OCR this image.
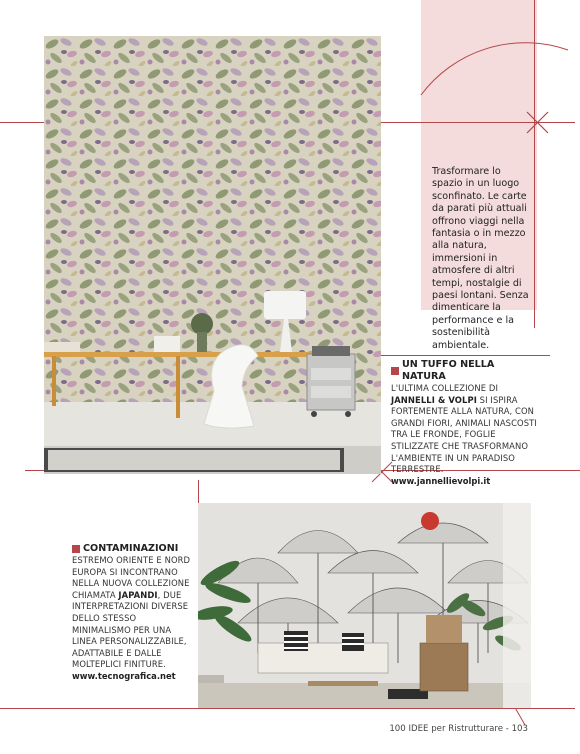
Trasformare lo spazio in un luogo sconfinato. Le carte da parati più attuali offrono viaggi nella fantasia o in mezzo alla natura, immersioni in atmosfere di altri tempi, nostalgie di paesi lontani. Senza dimenticare la performance e la sostenibilità ambientale.
UN TUFFO NELLA NATURA
L'ULTIMA COLLEZIONE DI JANNELLI & VOLPI SI ISPIRA FORTEMENTE ALLA NATURA, CON GRANDI FIORI, ANIMALI NASCOSTI TRA LE FRONDE, FOGLIE STILIZZATE CHE TRASFORMANO L'AMBIENTE IN UN PARADISO TERRESTRE.
www.jannellievolpi.it
CONTAMINAZIONI
ESTREMO ORIENTE E NORD EUROPA SI INCONTRANO NELLA NUOVA COLLEZIONE CHIAMATA JAPANDI, DUE INTERPRETAZIONI DIVERSE DELLO STESSO MINIMALISMO PER UNA LINEA PERSONALIZZABILE, ADATTABILE E DALLE MOLTEPLICI FINITURE.
www.tecnografica.net
100 IDEE per Ristrutturare - 103
